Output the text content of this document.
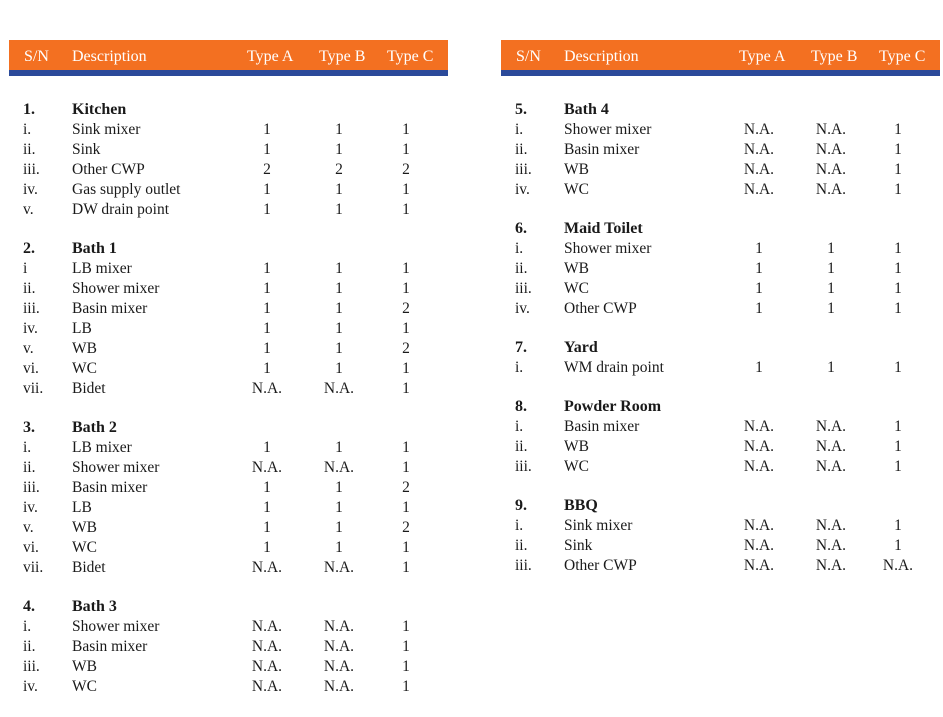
S/N Description	Type A Type B Type C
1. Kitchen
i.	Sink mixer	1	1	1
ii. Sink	1	1	1
iii. Other CWP	2	2	2
iv. Gas supply outlet	1	1	1
v. DW drain point	1	1	1
2. Bath 1
i	LB mixer	1	1	1
ii. Shower mixer	1	1	1
iii. Basin mixer	1	1	2
iv. LB	1	1	1
v. WB	1	1	2
vi. WC	1	1	1
vii. Bidet	N.A.	N.A.	1
3. Bath 2
i.	LB mixer	1	1	1
ii. Shower mixer	N.A.	N.A.	1
iii. Basin mixer	1	1	2
iv. LB	1	1	1
v. WB	1	1	2
vi. WC	1	1	1
vii. Bidet	N.A.	N.A.	1
4. Bath 3
i.	Shower mixer	N.A.	N.A.	1
ii. Basin mixer	N.A.	N.A.	1
iii. WB	N.A.	N.A.	1
iv. WC	N.A.	N.A.	1
S/N Description	Type A Type B Type C
5. Bath 4
i.	Shower mixer	N.A.	N.A.	1
ii. Basin mixer	N.A.	N.A.	1
iii. WB	N.A.	N.A.	1
iv. WC	N.A.	N.A.	1
6. Maid Toilet
i.	Shower mixer	1	1	1
ii. WB	1	1	1
iii. WC	1	1	1
iv. Other CWP	1	1	1
7. Yard
i.	WM drain point	1	1	1
8. Powder Room
i.	Basin mixer	N.A.	N.A.	1
ii. WB	N.A.	N.A.	1
iii. WC	N.A.	N.A.	1
9. BBQ
i.	Sink mixer	N.A.	N.A.	1
ii. Sink	N.A.	N.A.	1
iii. Other CWP	N.A.	N.A.	N.A.
